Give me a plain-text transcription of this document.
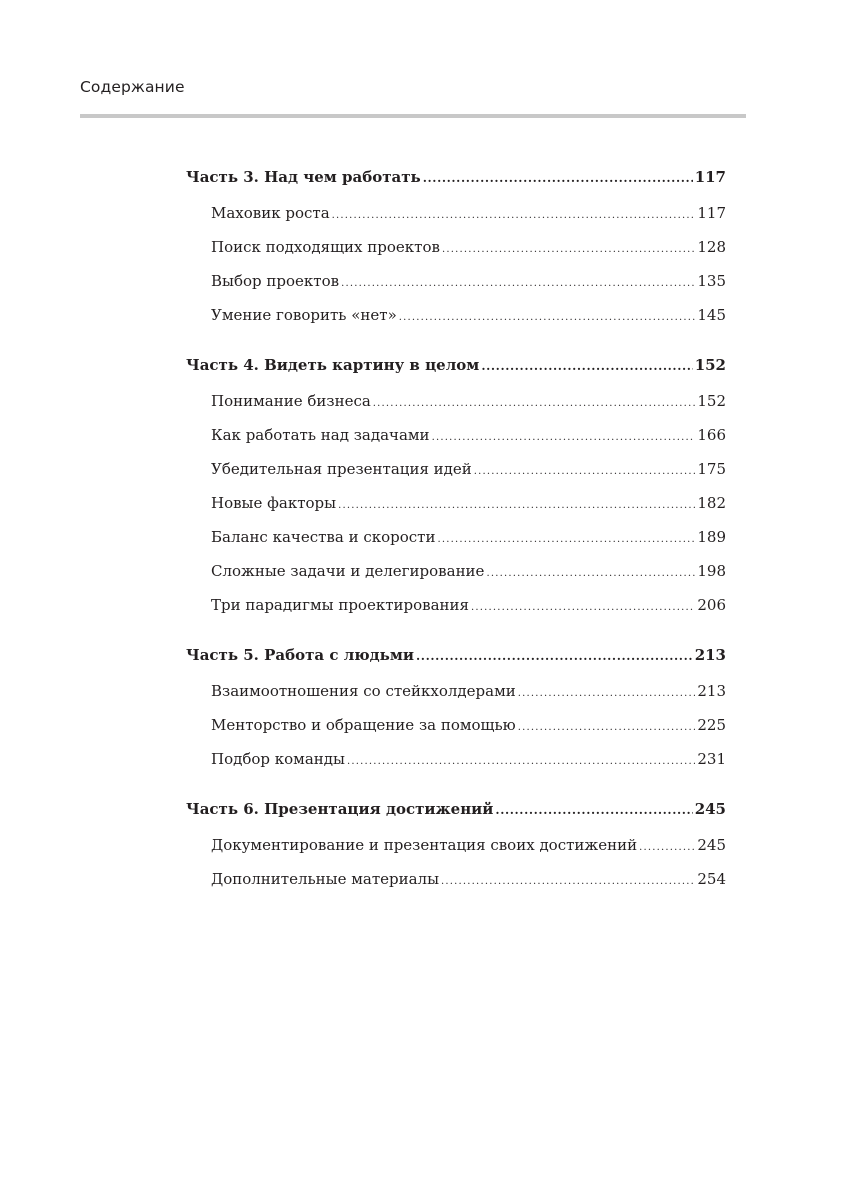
Содержание
Часть 3. Над чем работать .....	117
Маховик роста .....	117
Поиск подходящих проектов .....	128
Выбор проектов .....	135
Умение говорить «нет» .....	145
Часть 4. Видеть картину в целом .....	152
Понимание бизнеса .....	152
Как работать над задачами .....	166
Убедительная презентация идей .....	175
Новые факторы .....	182
Баланс качества и скорости .....	189
Сложные задачи и делегирование .....	198
Три парадигмы проектирования .....	206
Часть 5. Работа с людьми .....	213
Взаимоотношения со стейкхолдерами .....	213
Менторство и обращение за помощью .....	225
Подбор команды .....	231
Часть 6. Презентация достижений .....	245
Документирование и презентация своих достижений .....	245
Дополнительные материалы .....	254
